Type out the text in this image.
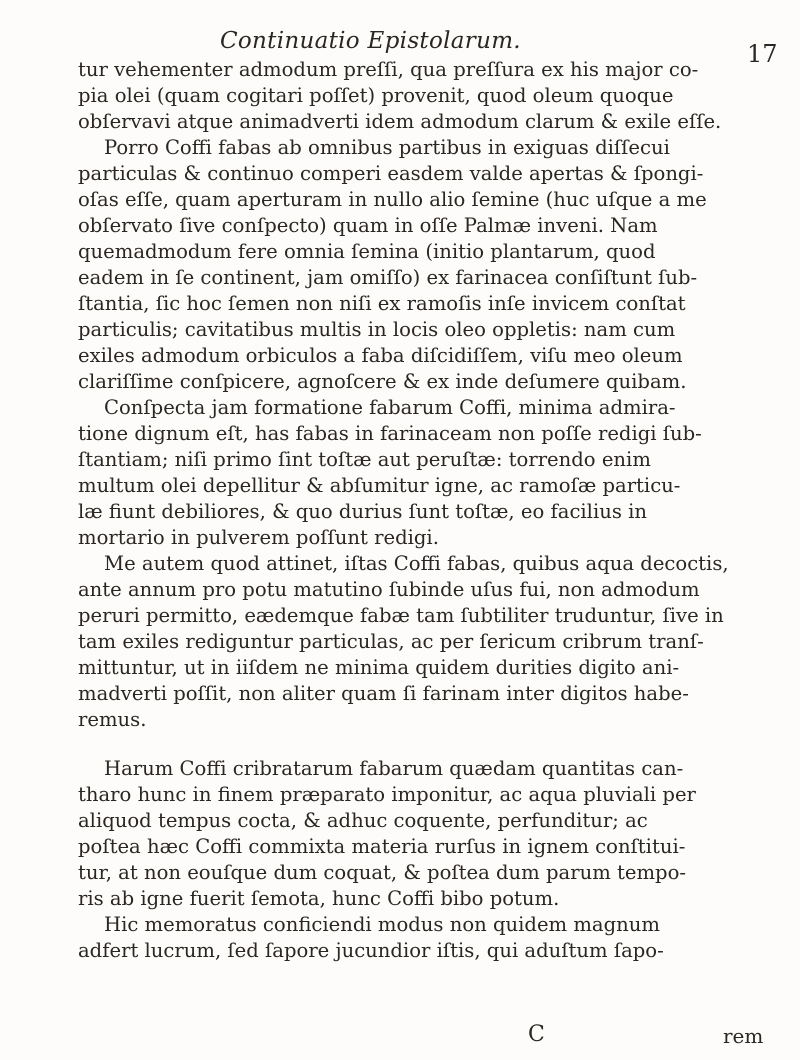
Continuatio Epistolarum.	17
tur vehementer admodum preſſi, qua preſſura ex his major co-
pia olei (quam cogitari poſſet) provenit, quod oleum quoque
obſervavi atque animadverti idem admodum clarum & exile eſſe.
Porro Coffi fabas ab omnibus partibus in exiguas diſſecui
particulas & continuo comperi easdem valde apertas & ſpongi-
oſas eſſe, quam aperturam in nullo alio ſemine (huc uſque a me
obſervato ſive conſpecto) quam in oſſe Palmæ inveni. Nam
quemadmodum fere omnia ſemina (initio plantarum, quod
eadem in ſe continent, jam omiſſo) ex farinacea conſiſtunt ſub-
ſtantia, ſic hoc ſemen non niſi ex ramoſis inſe invicem conſtat
particulis; cavitatibus multis in locis oleo oppletis: nam cum
exiles admodum orbiculos a faba diſcidiſſem, viſu meo oleum
clariſſime conſpicere, agnoſcere & ex inde deſumere quibam.
Conſpecta jam formatione fabarum Coffi, minima admira-
tione dignum eſt, has fabas in farinaceam non poſſe redigi ſub-
ſtantiam; niſi primo ſint toſtæ aut peruſtæ: torrendo enim
multum olei depellitur & abſumitur igne, ac ramoſæ particu-
læ fiunt debiliores, & quo durius ſunt toſtæ, eo facilius in
mortario in pulverem poſſunt redigi.
Me autem quod attinet, iſtas Coffi fabas, quibus aqua decoctis,
ante annum pro potu matutino ſubinde uſus fui, non admodum
peruri permitto, eædemque fabæ tam ſubtiliter truduntur, ſive in
tam exiles rediguntur particulas, ac per ſericum cribrum tranſ-
mittuntur, ut in iiſdem ne minima quidem durities digito ani-
madverti poſſit, non aliter quam ſi farinam inter digitos habe-
remus.
Harum Coffi cribratarum fabarum quædam quantitas can-
tharo hunc in finem præparato imponitur, ac aqua pluviali per
aliquod tempus cocta, & adhuc coquente, perfunditur; ac
poſtea hæc Coffi commixta materia rurſus in ignem conſtitui-
tur, at non eouſque dum coquat, & poſtea dum parum tempo-
ris ab igne fuerit ſemota, hunc Coffi bibo potum.
Hic memoratus conficiendi modus non quidem magnum
adfert lucrum, ſed ſapore jucundior iſtis, qui aduſtum ſapo-
C	rem
